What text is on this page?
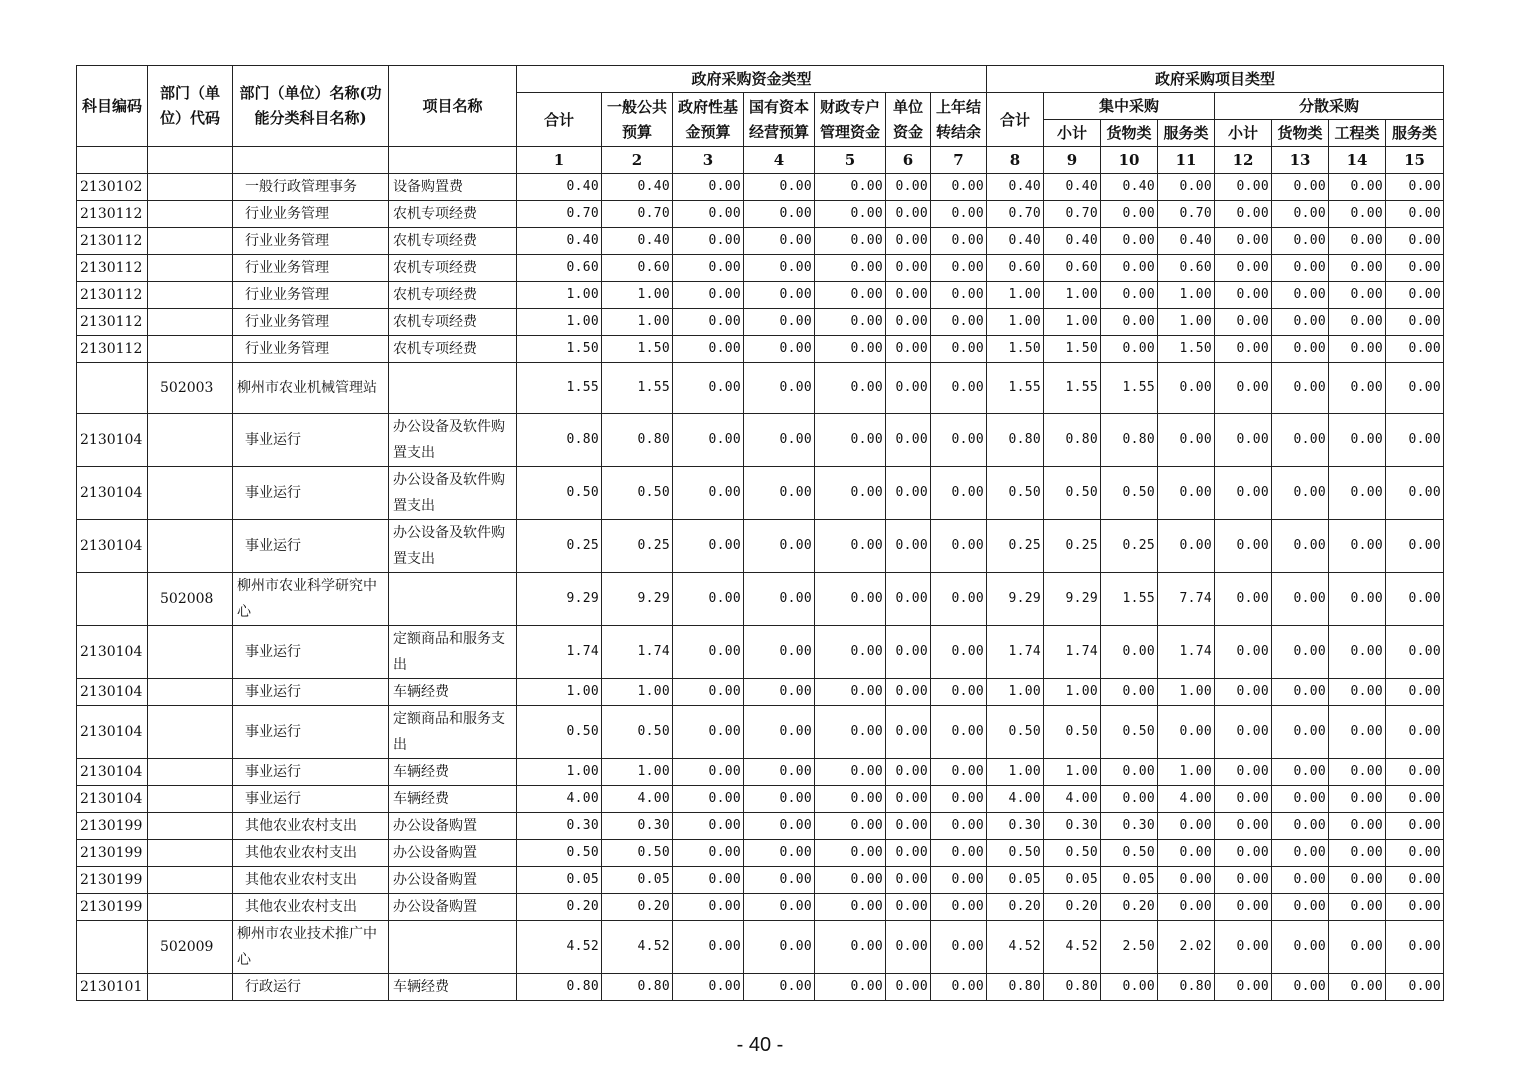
科目编码	部门（单位）代码	部门（单位）名称(功能分类科目名称)	项目名称	政府采购资金类型							政府采购项目类型							
				合计	一般公共预算	政府性基金预算	国有资本经营预算	财政专户管理资金	单位资金	上年结转结余	合计	集中采购			分散采购			
												小计	货物类	服务类	小计	货物类	工程类	服务类
				1	2	3	4	5	6	7	8	9	10	11	12	13	14	15
2130102		一般行政管理事务	设备购置费	0.40	0.40	0.00	0.00	0.00	0.00	0.00	0.40	0.40	0.40	0.00	0.00	0.00	0.00	0.00
2130112		行业业务管理	农机专项经费	0.70	0.70	0.00	0.00	0.00	0.00	0.00	0.70	0.70	0.00	0.70	0.00	0.00	0.00	0.00
2130112		行业业务管理	农机专项经费	0.40	0.40	0.00	0.00	0.00	0.00	0.00	0.40	0.40	0.00	0.40	0.00	0.00	0.00	0.00
2130112		行业业务管理	农机专项经费	0.60	0.60	0.00	0.00	0.00	0.00	0.00	0.60	0.60	0.00	0.60	0.00	0.00	0.00	0.00
2130112		行业业务管理	农机专项经费	1.00	1.00	0.00	0.00	0.00	0.00	0.00	1.00	1.00	0.00	1.00	0.00	0.00	0.00	0.00
2130112		行业业务管理	农机专项经费	1.00	1.00	0.00	0.00	0.00	0.00	0.00	1.00	1.00	0.00	1.00	0.00	0.00	0.00	0.00
2130112		行业业务管理	农机专项经费	1.50	1.50	0.00	0.00	0.00	0.00	0.00	1.50	1.50	0.00	1.50	0.00	0.00	0.00	0.00
	502003	柳州市农业机械管理站		1.55	1.55	0.00	0.00	0.00	0.00	0.00	1.55	1.55	1.55	0.00	0.00	0.00	0.00	0.00
2130104		事业运行	办公设备及软件购置支出	0.80	0.80	0.00	0.00	0.00	0.00	0.00	0.80	0.80	0.80	0.00	0.00	0.00	0.00	0.00
2130104		事业运行	办公设备及软件购置支出	0.50	0.50	0.00	0.00	0.00	0.00	0.00	0.50	0.50	0.50	0.00	0.00	0.00	0.00	0.00
2130104		事业运行	办公设备及软件购置支出	0.25	0.25	0.00	0.00	0.00	0.00	0.00	0.25	0.25	0.25	0.00	0.00	0.00	0.00	0.00
	502008	柳州市农业科学研究中心		9.29	9.29	0.00	0.00	0.00	0.00	0.00	9.29	9.29	1.55	7.74	0.00	0.00	0.00	0.00
2130104		事业运行	定额商品和服务支出	1.74	1.74	0.00	0.00	0.00	0.00	0.00	1.74	1.74	0.00	1.74	0.00	0.00	0.00	0.00
2130104		事业运行	车辆经费	1.00	1.00	0.00	0.00	0.00	0.00	0.00	1.00	1.00	0.00	1.00	0.00	0.00	0.00	0.00
2130104		事业运行	定额商品和服务支出	0.50	0.50	0.00	0.00	0.00	0.00	0.00	0.50	0.50	0.50	0.00	0.00	0.00	0.00	0.00
2130104		事业运行	车辆经费	1.00	1.00	0.00	0.00	0.00	0.00	0.00	1.00	1.00	0.00	1.00	0.00	0.00	0.00	0.00
2130104		事业运行	车辆经费	4.00	4.00	0.00	0.00	0.00	0.00	0.00	4.00	4.00	0.00	4.00	0.00	0.00	0.00	0.00
2130199		其他农业农村支出	办公设备购置	0.30	0.30	0.00	0.00	0.00	0.00	0.00	0.30	0.30	0.30	0.00	0.00	0.00	0.00	0.00
2130199		其他农业农村支出	办公设备购置	0.50	0.50	0.00	0.00	0.00	0.00	0.00	0.50	0.50	0.50	0.00	0.00	0.00	0.00	0.00
2130199		其他农业农村支出	办公设备购置	0.05	0.05	0.00	0.00	0.00	0.00	0.00	0.05	0.05	0.05	0.00	0.00	0.00	0.00	0.00
2130199		其他农业农村支出	办公设备购置	0.20	0.20	0.00	0.00	0.00	0.00	0.00	0.20	0.20	0.20	0.00	0.00	0.00	0.00	0.00
	502009	柳州市农业技术推广中心		4.52	4.52	0.00	0.00	0.00	0.00	0.00	4.52	4.52	2.50	2.02	0.00	0.00	0.00	0.00
2130101		行政运行	车辆经费	0.80	0.80	0.00	0.00	0.00	0.00	0.00	0.80	0.80	0.00	0.80	0.00	0.00	0.00	0.00
- 40 -
